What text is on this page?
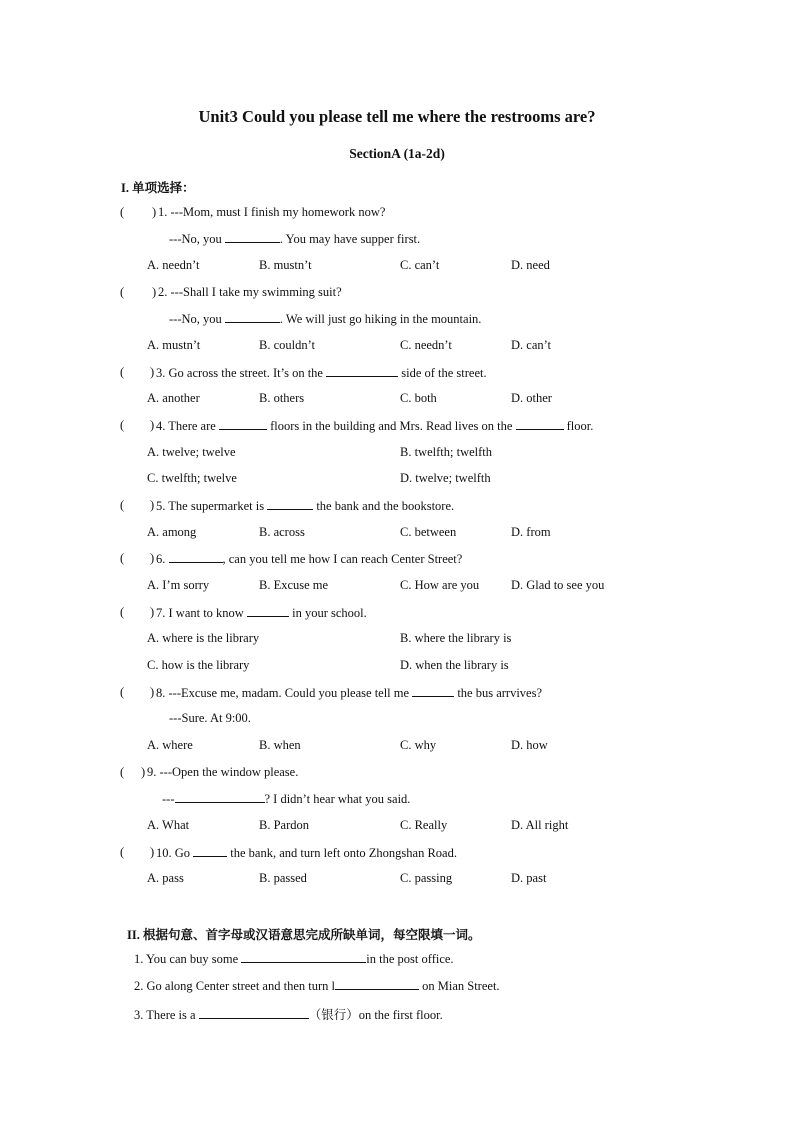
Unit3 Could you please tell me where the restrooms are?
SectionA (1a-2d)
I. 单项选择：
( ) 1. ---Mom, must I finish my homework now?
---No, you	. You may have supper first.
A. needn’t	B. mustn’t	C. can’t	D. need
( ) 2. ---Shall I take my swimming suit?
---No, you	. We will just go hiking in the mountain.
A. mustn’t	B. couldn’t	C. needn’t	D. can’t
( ) 3. Go across the street. It’s on the	side of the street.
A. another	B. others	C. both	D. other
( ) 4. There are	floors in the building and Mrs. Read lives on the	floor.
A. twelve; twelve	B. twelfth; twelfth
C. twelfth; twelve	D. twelve; twelfth
( ) 5. The supermarket is	the bank and the bookstore.
A. among	B. across	C. between	D. from
( ) 6.	, can you tell me how I can reach Center Street?
A. I’m sorry	B. Excuse me	C. How are you	D. Glad to see you
( ) 7. I want to know	in your school.
A. where is the library	B. where the library is
C. how is the library	D. when the library is
( ) 8. ---Excuse me, madam. Could you please tell me	the bus arrvives?
---Sure. At 9:00.
A. where	B. when	C. why	D. how
( ) 9. ---Open the window please.
---	? I didn’t hear what you said.
A. What	B. Pardon	C. Really	D. All right
( ) 10. Go	the bank, and turn left onto Zhongshan Road.
A. pass	B. passed	C. passing	D. past
II. 根据句意、首字母或汉语意思完成所缺单词，每空限填一词。
1. You can buy some	in the post office.
2. Go along Center street and then turn l	on Mian Street.
3. There is a	（银行）on the first floor.
